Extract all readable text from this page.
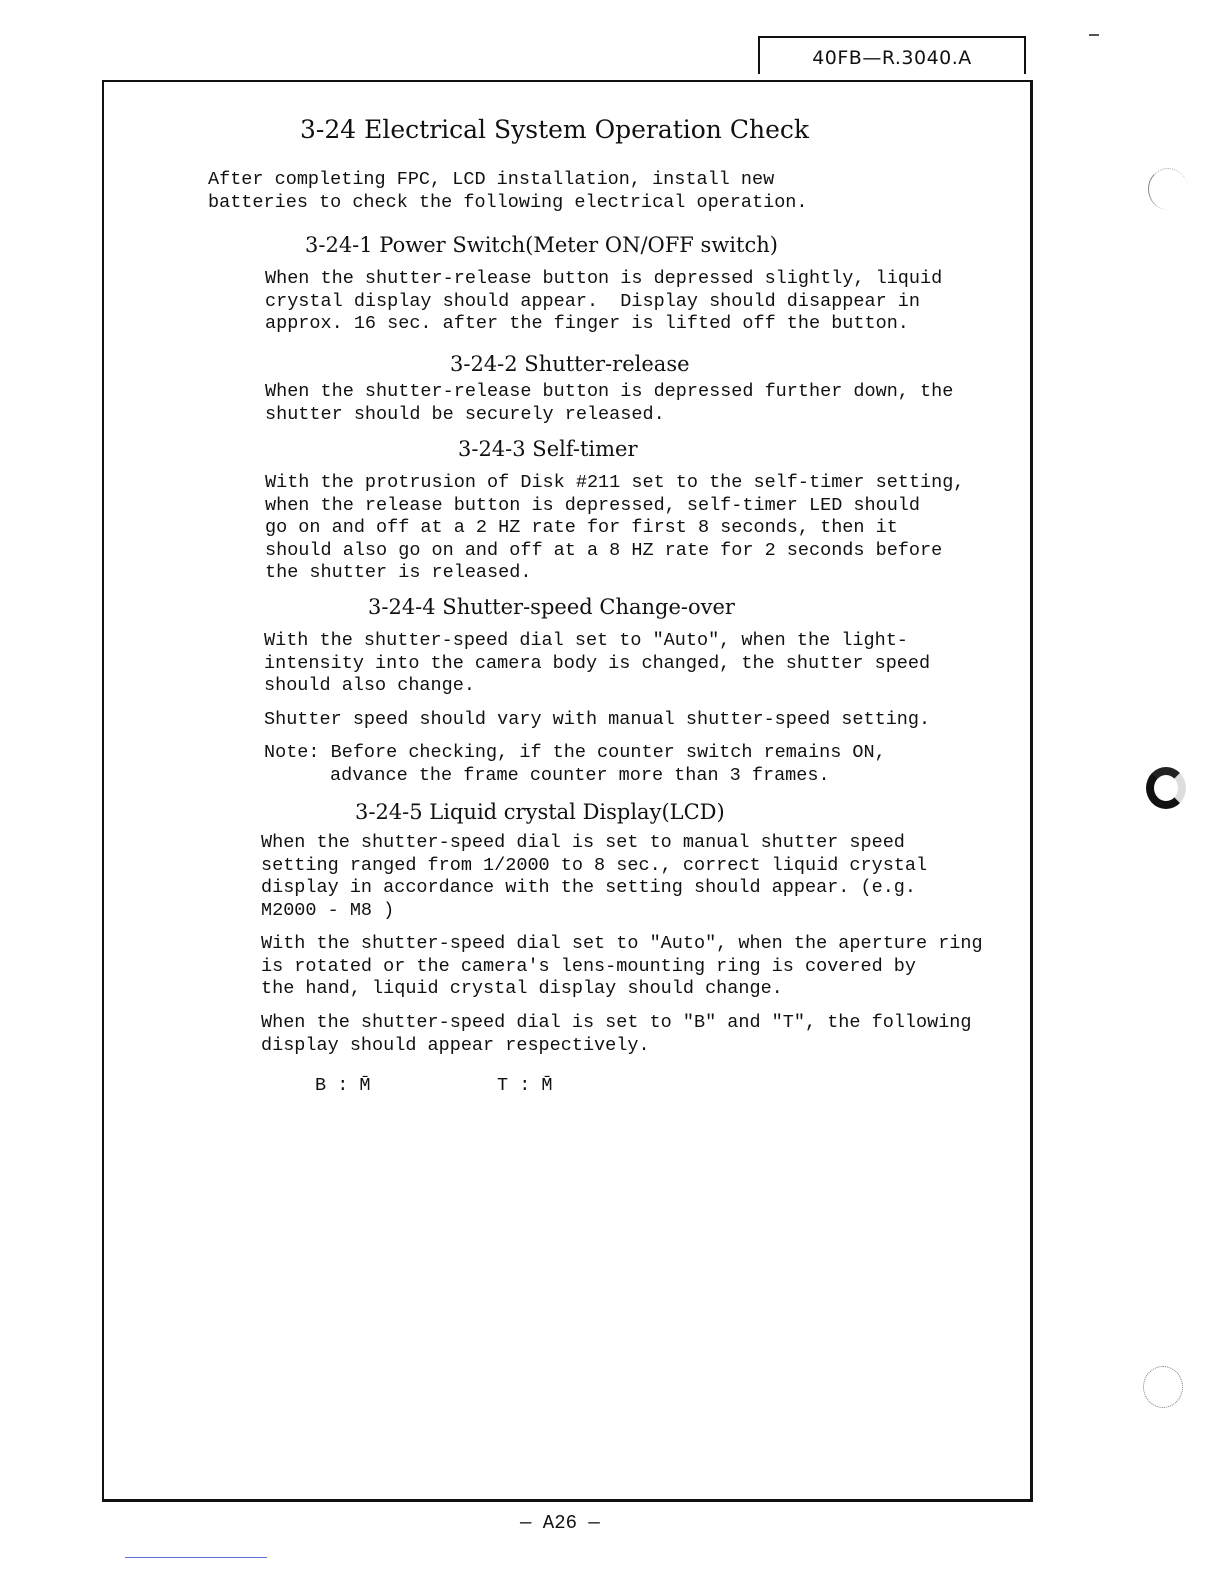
40FB—R.3040.A
3-24 Electrical System Operation Check

After completing FPC, LCD installation, install new
batteries to check the following electrical operation.

3-24-1 Power Switch(Meter ON/OFF switch)

When the shutter-release button is depressed slightly, liquid
crystal display should appear.  Display should disappear in
approx. 16 sec. after the finger is lifted off the button.

3-24-2 Shutter-release

When the shutter-release button is depressed further down, the
shutter should be securely released.

3-24-3 Self-timer

With the protrusion of Disk #211 set to the self-timer setting,
when the release button is depressed, self-timer LED should
go on and off at a 2 HZ rate for first 8 seconds, then it
should also go on and off at a 8 HZ rate for 2 seconds before
the shutter is released.

3-24-4 Shutter-speed Change-over

With the shutter-speed dial set to "Auto", when the light-
intensity into the camera body is changed, the shutter speed
should also change.

Shutter speed should vary with manual shutter-speed setting.

Note: Before checking, if the counter switch remains ON,

advance the frame counter more than 3 frames.

3-24-5 Liquid crystal Display(LCD)

When the shutter-speed dial is set to manual shutter speed
setting ranged from 1/2000 to 8 sec., correct liquid crystal
display in accordance with the setting should appear. (e.g.
M2000 - M8 )

With the shutter-speed dial set to "Auto", when the aperture ring
is rotated or the camera's lens-mounting ring is covered by
the hand, liquid crystal display should change.

When the shutter-speed dial is set to "B" and "T", the following
display should appear respectively.

B : M̄	T : M̄
— A26 —
